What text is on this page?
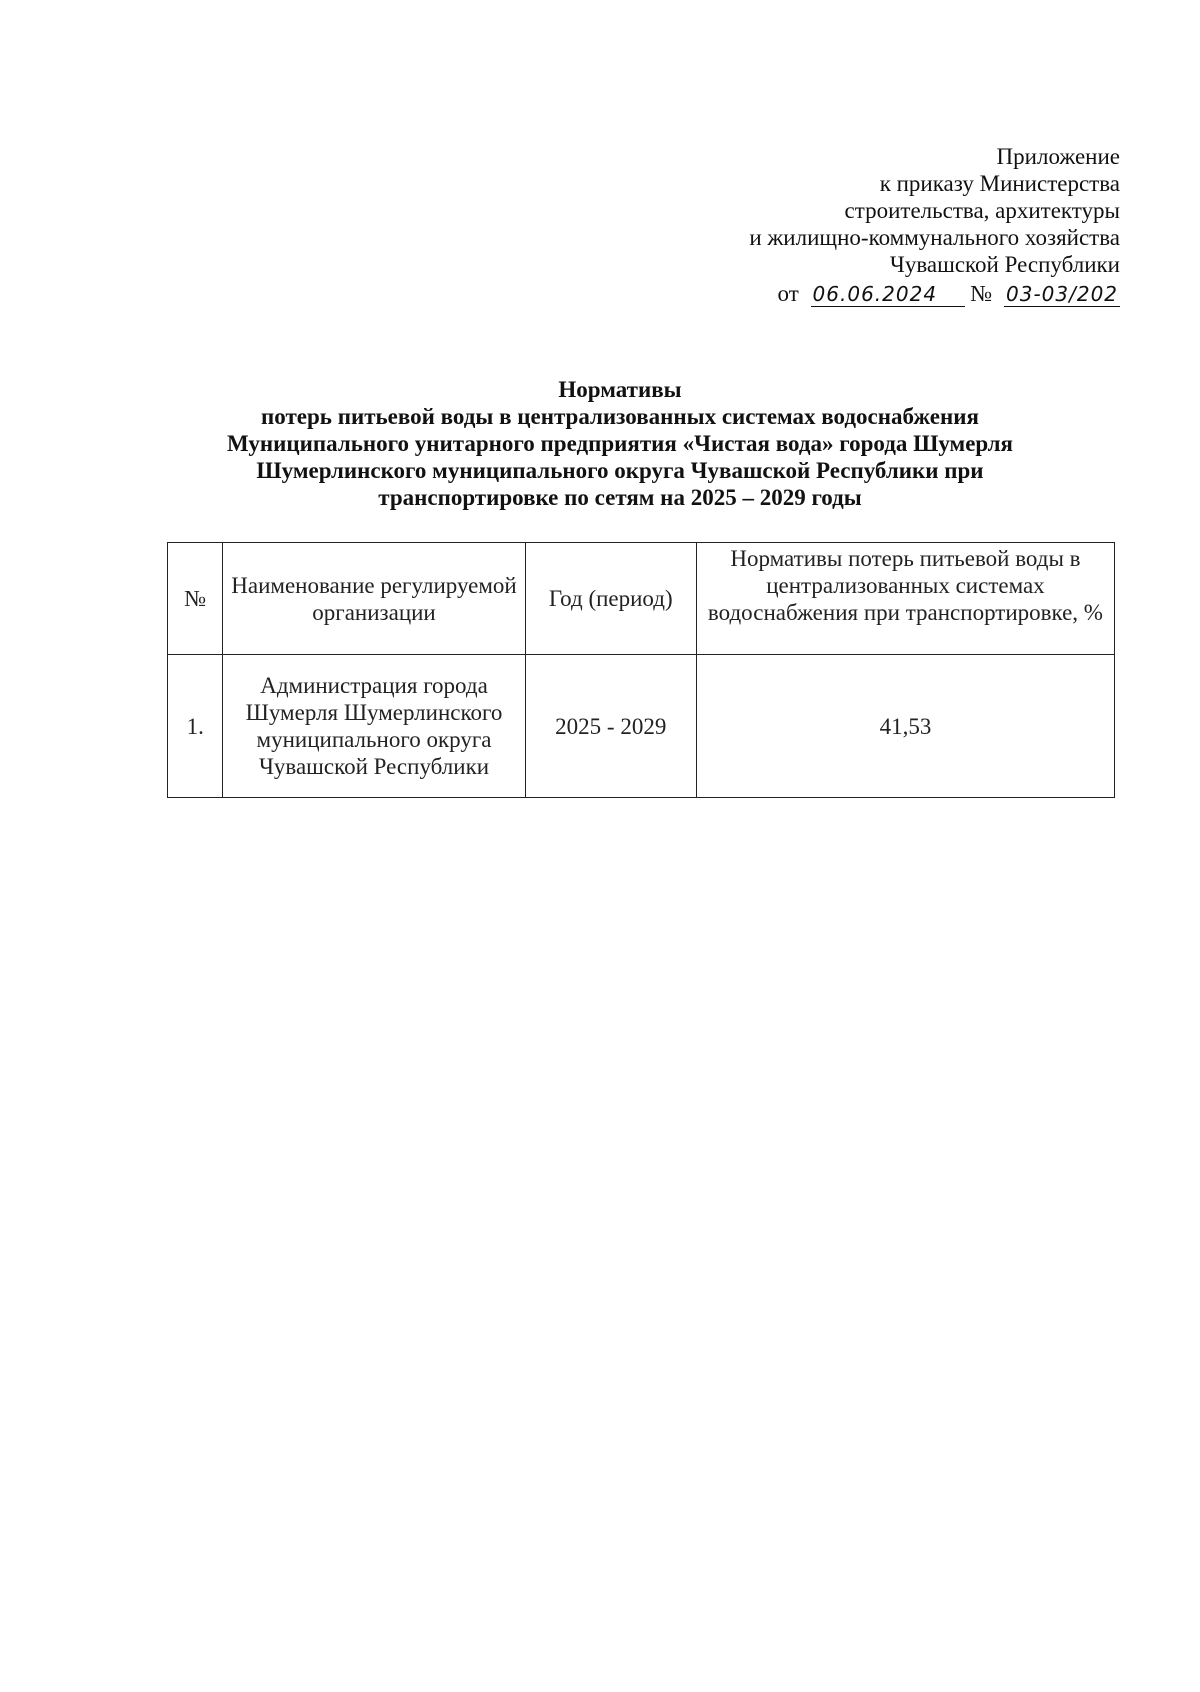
Приложение
к приказу Министерства
строительства, архитектуры
и жилищно-коммунального хозяйства
Чувашской Республики
от 06.06.2024 № 03-03/202
Нормативы
потерь питьевой воды в централизованных системах водоснабжения
Муниципального унитарного предприятия «Чистая вода» города Шумерля
Шумерлинского муниципального округа Чувашской Республики при
транспортировке по сетям на 2025 – 2029 годы
№	Наименование регулируемой организации	Год (период)	Нормативы потерь питьевой воды в централизованных системах водоснабжения при транспортировке, %
1.	Администрация города Шумерля Шумерлинского муниципального округа Чувашской Республики	2025 - 2029	41,53
